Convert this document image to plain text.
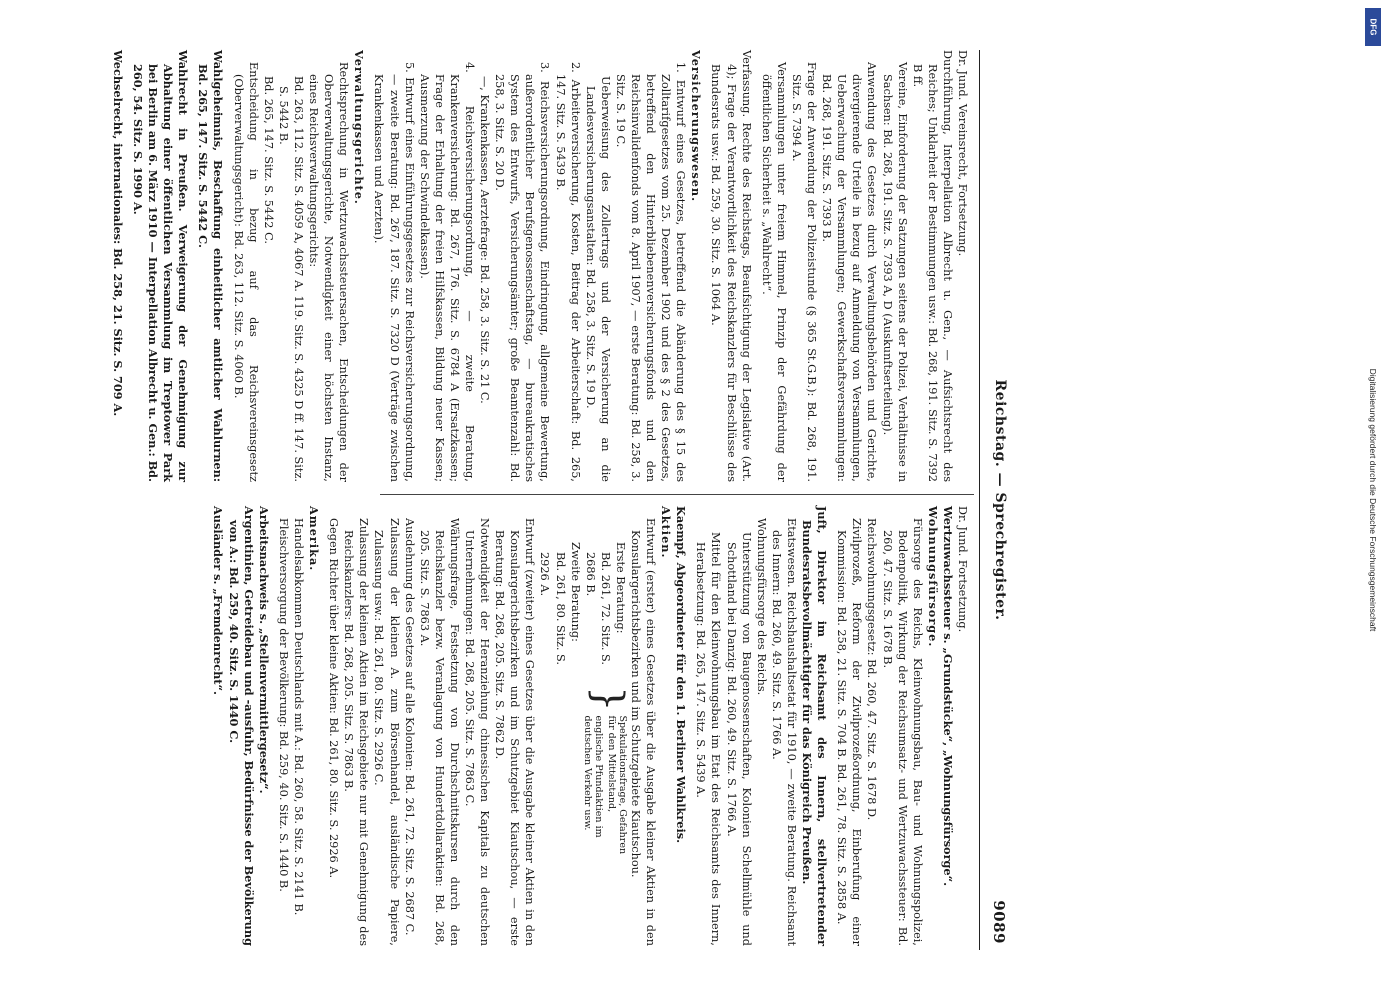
Reichstag. — Sprechregister.
9089

Dr. Jund. Vereinsrecht, Fortsetzung.

Durchführung, Interpellation Albrecht u. Gen., — Aufsichtsrecht des Reiches; Unklarheit der Bestimmungen usw.: Bd. 268, 191. Sitz. S. 7392 B ff.

Vereine, Einforderung der Satzungen seitens der Polizei, Verhältnisse in Sachsen: Bd. 268, 191. Sitz. S. 7393 A, D (Auskunftserteilung).

Anwendung des Gesetzes durch Verwaltungsbehörden und Gerichte, divergierende Urteile in bezug auf Anmeldung von Versammlungen, Ueberwachung der Versammlungen; Gewerkschaftsversammlungen: Bd. 268, 191. Sitz. S. 7393 B.

Frage der Anwendung der Polizeistunde (§ 365 St.G.B.): Bd. 268, 191. Sitz. S. 7394 A.

Versammlungen unter freiem Himmel, Prinzip der Gefährdung der öffentlichen Sicherheit s. „Wahlrecht“.

Verfassung. Rechte des Reichstags, Beaufsichtigung der Legislative (Art. 4); Frage der Verantwortlichkeit des Reichskanzlers für Beschlüsse des Bundesrats usw.: Bd. 259, 30. Sitz. S. 1064 A.

Versicherungswesen.

1. Entwurf eines Gesetzes, betreffend die Abänderung des § 15 des Zolltarifgesetzes vom 25. Dezember 1902 und des § 2 des Gesetzes, betreffend den Hinterbliebenenversicherungsfonds und den Reichsinvalidenfonds vom 8. April 1907, — erste Beratung: Bd. 258, 3. Sitz. S. 19 C.

Ueberweisung des Zollertrags und der Versicherung an die Landesversicherungsanstalten: Bd. 258, 3. Sitz. S. 19 D.

2. Arbeiterversicherung, Kosten, Beitrag der Arbeiterschaft: Bd. 265, 147. Sitz. S. 5439 B.

3. Reichsversicherungsordnung, Eindringung, allgemeine Bewertung, außerordentlicher Berufsgenossenschaftstag, — bureaukratisches System des Entwurfs, Versicherungsämter; große Beamtenzahl: Bd. 258, 3. Sitz. S. 20 D.

—, Krankenkassen, Aerztefrage: Bd. 258, 3. Sitz. S. 21 C.

4. Reichsversicherungsordnung, — zweite Beratung, Krankenversicherung: Bd. 267, 176. Sitz. S. 6784 A (Ersatzkassen; Frage der Erhaltung der freien Hilfskassen, Bildung neuer Kassen; Ausmerzung der Schwindelkassen).

5. Entwurf eines Einführungsgesetzes zur Reichsversicherungsordnung, — zweite Beratung: Bd. 267, 187. Sitz. S. 7320 D (Verträge zwischen Krankenkassen und Aerzten).

Verwaltungsgerichte.

Rechtsprechung in Wertzuwachssteuersachen, Entscheidungen der Oberverwaltungsgerichte, Notwendigkeit einer höchsten Instanz, eines Reichsverwaltungsgerichts:

Bd. 263, 112. Sitz. S. 4059 A, 4067 A. 119. Sitz. S. 4325 D ff. 147. Sitz. S. 5442 B.

Bd. 265, 147. Sitz. S. 5442 C.

Entscheidung in bezug auf das Reichsvereinsgesetz (Oberverwaltungsgericht): Bd. 263, 112. Sitz. S. 4060 B.

Wahlgeheimnis, Beschaffung einheitlicher amtlicher Wahlurnen: Bd. 265, 147. Sitz. S. 5442 C.

Wahlrecht in Preußen. Verweigerung der Genehmigung zur Abhaltung einer öffentlichen Versammlung im Treptower Park bei Berlin am 6. März 1910 — Interpellation Albrecht u. Gen.: Bd. 260, 54. Sitz. S. 1990 A.

Wechselrecht, internationales: Bd. 258, 21. Sitz. S. 709 A.

Dr. Jund. Fortsetzung.

Wertzuwachssteuer s. „Grundstücke“, „Wohnungsfürsorge“.

Wohnungsfürsorge.

Fürsorge des Reichs, Kleinwohnungsbau, Bau- und Wohnungspolizei, Bodenpolitik, Wirkung der Reichsumsatz- und Wertzuwachssteuer: Bd. 260, 47. Sitz. S. 1678 B.

Reichswohnungsgesetz: Bd. 260, 47. Sitz. S. 1678 D.

Zivilprozeß, Reform der Zivilprozeßordnung, Einberufung einer Kommission: Bd. 258, 21. Sitz. S. 704 B. Bd. 261, 78. Sitz. S. 2858 A.

Juft, Direktor im Reichsamt des Innern, stellvertretender Bundesratsbevollmächtigter für das Königreich Preußen.

Etatswesen. Reichshaushaltsetat für 1910, — zweite Beratung. Reichsamt des Innern: Bd. 260, 49. Sitz. S. 1766 A.

Wohnungsfürsorge des Reichs.

Unterstützung von Baugenossenschaften, Kolonien Schellmühle und Schottland bei Danzig: Bd. 260, 49. Sitz. S. 1766 A.

Mittel für den Kleinwohnungsbau im Etat des Reichsamts des Innern, Herabsetzung: Bd. 265, 147. Sitz. S. 5439 A.

Kaempf, Abgeordneter für den 1. Berliner Wahlkreis.

Aktien.

Entwurf (erster) eines Gesetzes über die Ausgabe kleiner Aktien in den Konsulargerichtsbezirken und im Schutzgebiete Kiautschou.

Erste Beratung:
Bd. 261, 72. Sitz. S. 2686 B.
Zweite Beratung:
Bd. 261, 80. Sitz. S. 2926 A.
}
Spekulationsfrage, Gefahren für den Mittelstand,
englische Pfundaktien im deutschen Verkehr usw.

Entwurf (zweiter) eines Gesetzes über die Ausgabe kleiner Aktien in den Konsulargerichtsbezirken und im Schutzgebiet Kiautschou, — erste Beratung: Bd. 268, 205. Sitz. S. 7862 D.

Notwendigkeit der Heranziehung chinesischen Kapitals zu deutschen Unternehmungen: Bd. 268, 205. Sitz. S. 7863 C.

Währungsfrage, Festsetzung von Durchschnittskursen durch den Reichskanzler bezw. Veranlagung von Hundertdollaraktien: Bd. 268, 205. Sitz. S. 7863 A.

Ausdehnung des Gesetzes auf alle Kolonien: Bd. 261, 72. Sitz. S. 2687 C.

Zulassung der kleinen A. zum Börsenhandel, ausländische Papiere, Zulassung usw.: Bd. 261, 80. Sitz. S. 2926 C.

Zulassung der kleinen Aktien im Reichsgebiete nur mit Genehmigung des Reichskanzlers: Bd. 268, 205. Sitz. S. 7863 B.

Gegen Richter über kleine Aktien: Bd. 261, 80. Sitz. S. 2926 A.

Amerika.

Handelsabkommen Deutschlands mit A.: Bd. 260, 58. Sitz. S. 2141 B.

Fleischversorgung der Bevölkerung: Bd. 259, 40. Sitz. S. 1440 B.

Arbeitsnachweis s. „Stellenvermittlergesetz“.

Argentinien, Getreidebau und -ausfuhr, Bedürfnisse der Bevölkerung von A.: Bd. 259, 40. Sitz. S. 1440 C.

Ausländer s. „Fremdenrecht“.

DFG
Digitalisierung gefördert durch die Deutsche Forschungsgemeinschaft
